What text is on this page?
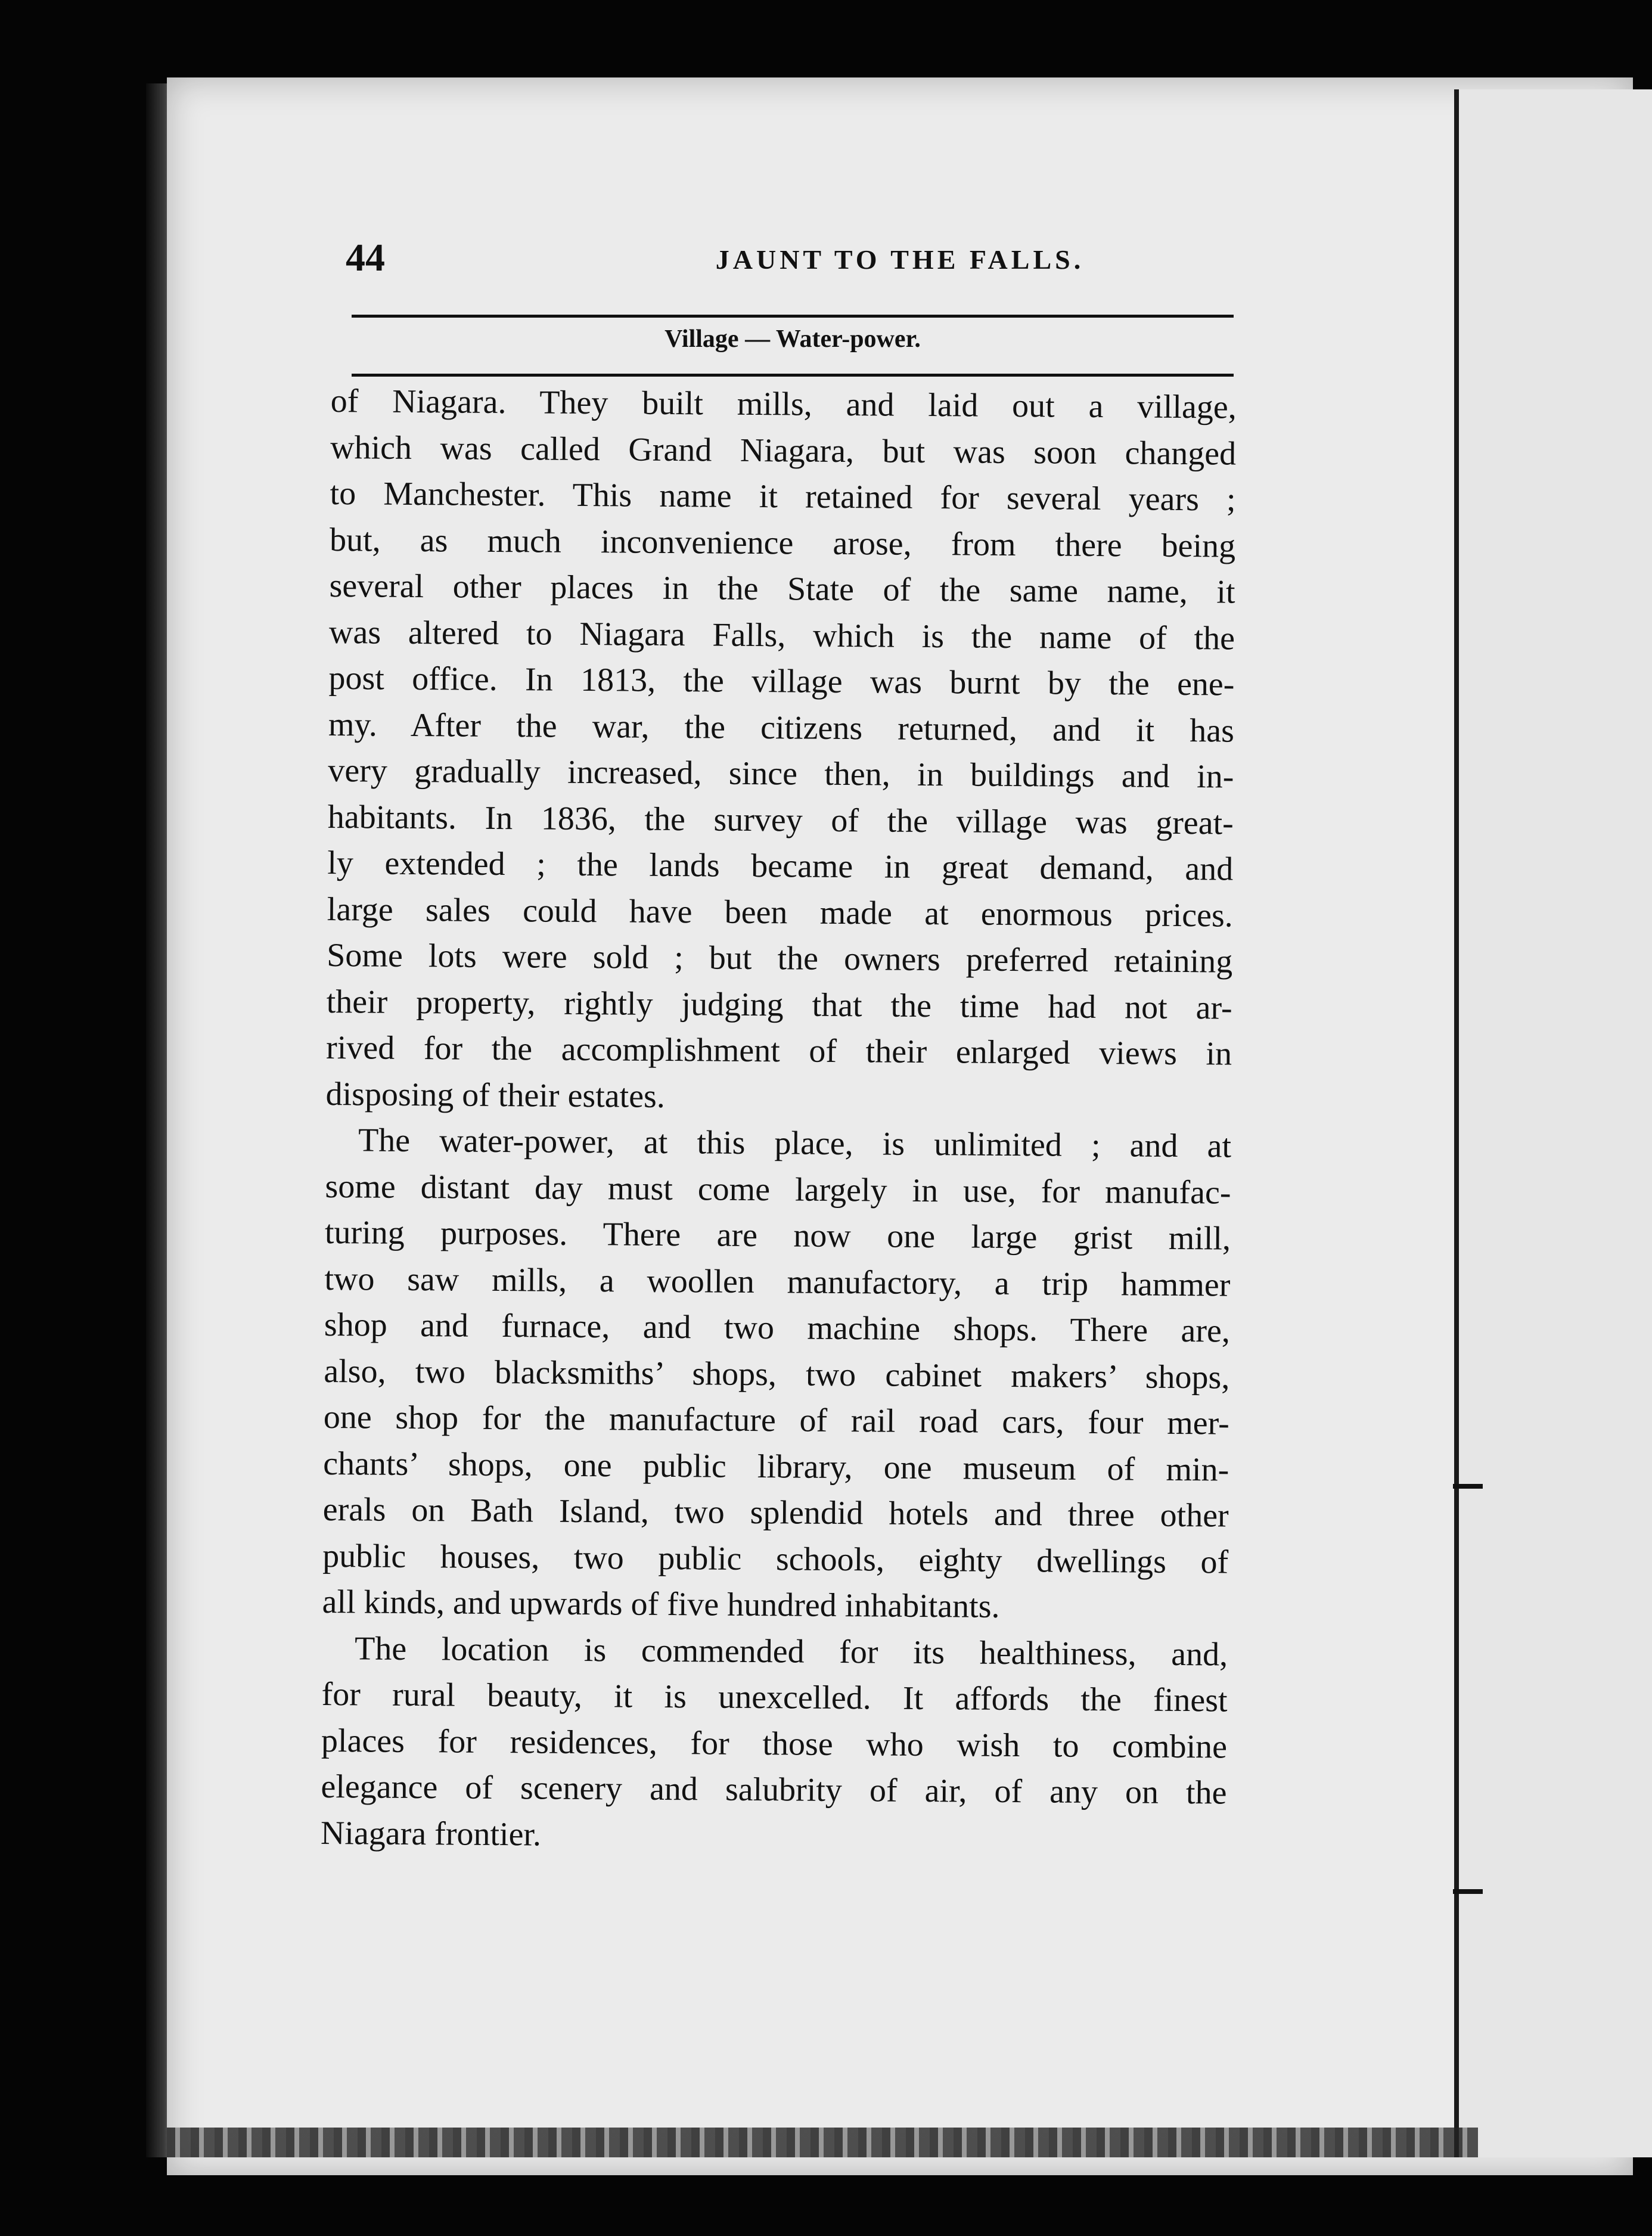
44	JAUNT TO THE FALLS.
Village — Water-power.

of Niagara. They built mills, and laid out a village,
which was called Grand Niagara, but was soon changed
to Manchester. This name it retained for several years ;
but, as much inconvenience arose, from there being
several other places in the State of the same name, it
was altered to Niagara Falls, which is the name of the
post office. In 1813, the village was burnt by the ene-
my. After the war, the citizens returned, and it has
very gradually increased, since then, in buildings and in-
habitants. In 1836, the survey of the village was great-
ly extended ; the lands became in great demand, and
large sales could have been made at enormous prices.
Some lots were sold ; but the owners preferred retaining
their property, rightly judging that the time had not ar-
rived for the accomplishment of their enlarged views in
disposing of their estates.

The water-power, at this place, is unlimited ; and at
some distant day must come largely in use, for manufac-
turing purposes. There are now one large grist mill,
two saw mills, a woollen manufactory, a trip hammer
shop and furnace, and two machine shops. There are,
also, two blacksmiths’ shops, two cabinet makers’ shops,
one shop for the manufacture of rail road cars, four mer-
chants’ shops, one public library, one museum of min-
erals on Bath Island, two splendid hotels and three other
public houses, two public schools, eighty dwellings of
all kinds, and upwards of five hundred inhabitants.

The location is commended for its healthiness, and,
for rural beauty, it is unexcelled. It affords the finest
places for residences, for those who wish to combine
elegance of scenery and salubrity of air, of any on the
Niagara frontier.
